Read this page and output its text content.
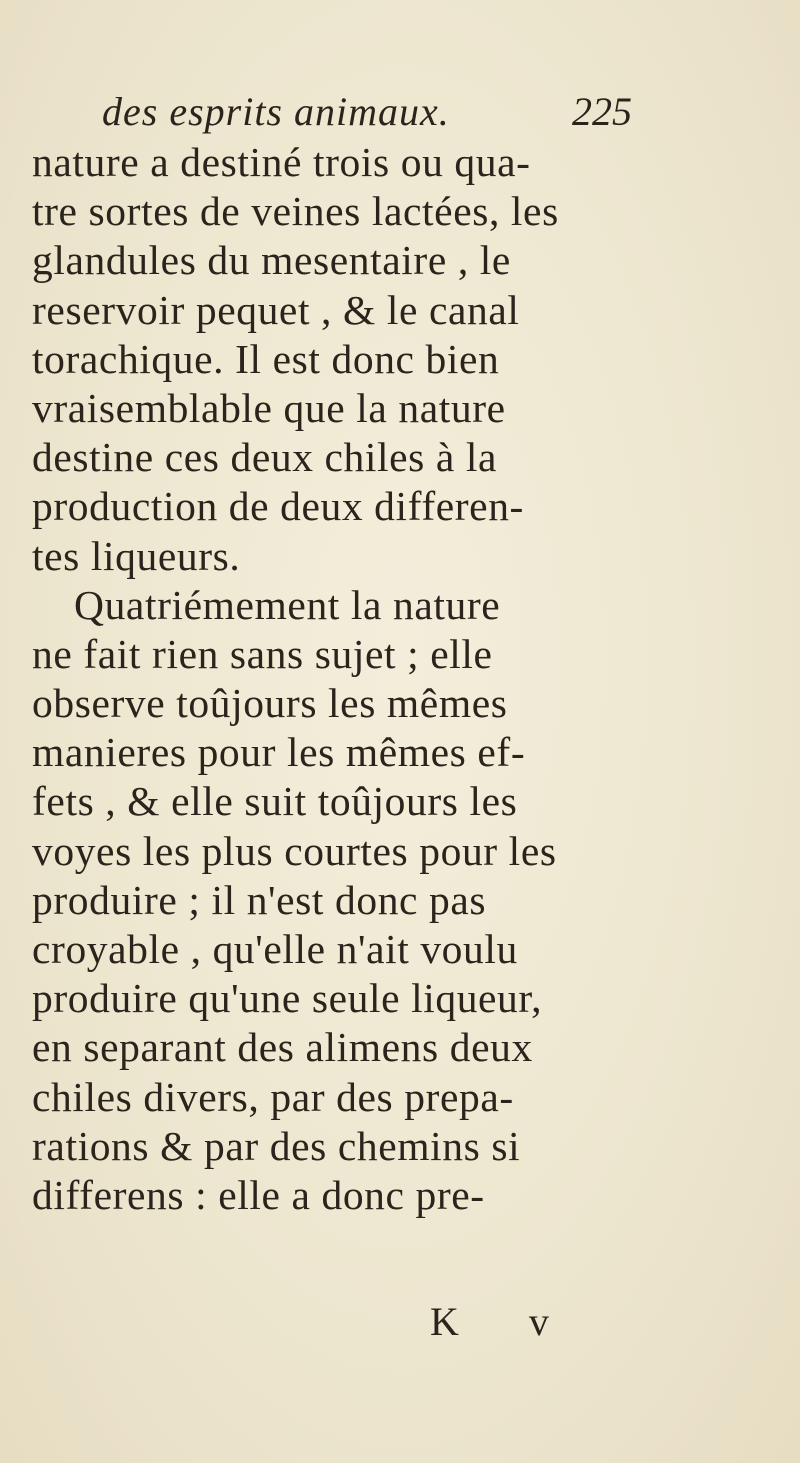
des esprits animaux.	225
nature a destiné trois ou qua-
tre sortes de veines lactées, les
glandules du mesentaire , le
reservoir pequet , & le canal
torachique. Il est donc bien
vraisemblable que la nature
destine ces deux chiles à la
production de deux differen-
tes liqueurs.
Quatriémement la nature
ne fait rien sans sujet ; elle
observe toûjours les mêmes
manieres pour les mêmes ef-
fets , & elle suit toûjours les
voyes les plus courtes pour les
produire ; il n'est donc pas
croyable , qu'elle n'ait voulu
produire qu'une seule liqueur,
en separant des alimens deux
chiles divers, par des prepa-
rations & par des chemins si
differens : elle a donc pre-
K v
